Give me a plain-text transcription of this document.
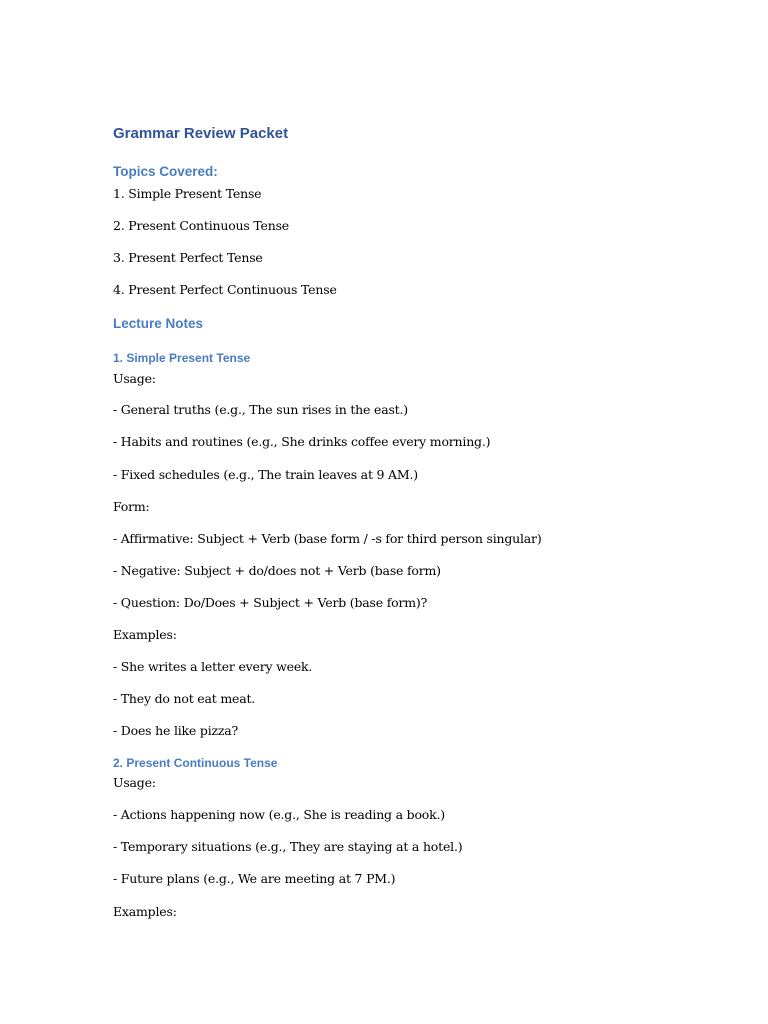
Grammar Review Packet
Topics Covered:
1. Simple Present Tense
2. Present Continuous Tense
3. Present Perfect Tense
4. Present Perfect Continuous Tense
Lecture Notes
1. Simple Present Tense
Usage:
- General truths (e.g., The sun rises in the east.)
- Habits and routines (e.g., She drinks coffee every morning.)
- Fixed schedules (e.g., The train leaves at 9 AM.)
Form:
- Affirmative: Subject + Verb (base form / -s for third person singular)
- Negative: Subject + do/does not + Verb (base form)
- Question: Do/Does + Subject + Verb (base form)?
Examples:
- She writes a letter every week.
- They do not eat meat.
- Does he like pizza?
2. Present Continuous Tense
Usage:
- Actions happening now (e.g., She is reading a book.)
- Temporary situations (e.g., They are staying at a hotel.)
- Future plans (e.g., We are meeting at 7 PM.)
Examples:
